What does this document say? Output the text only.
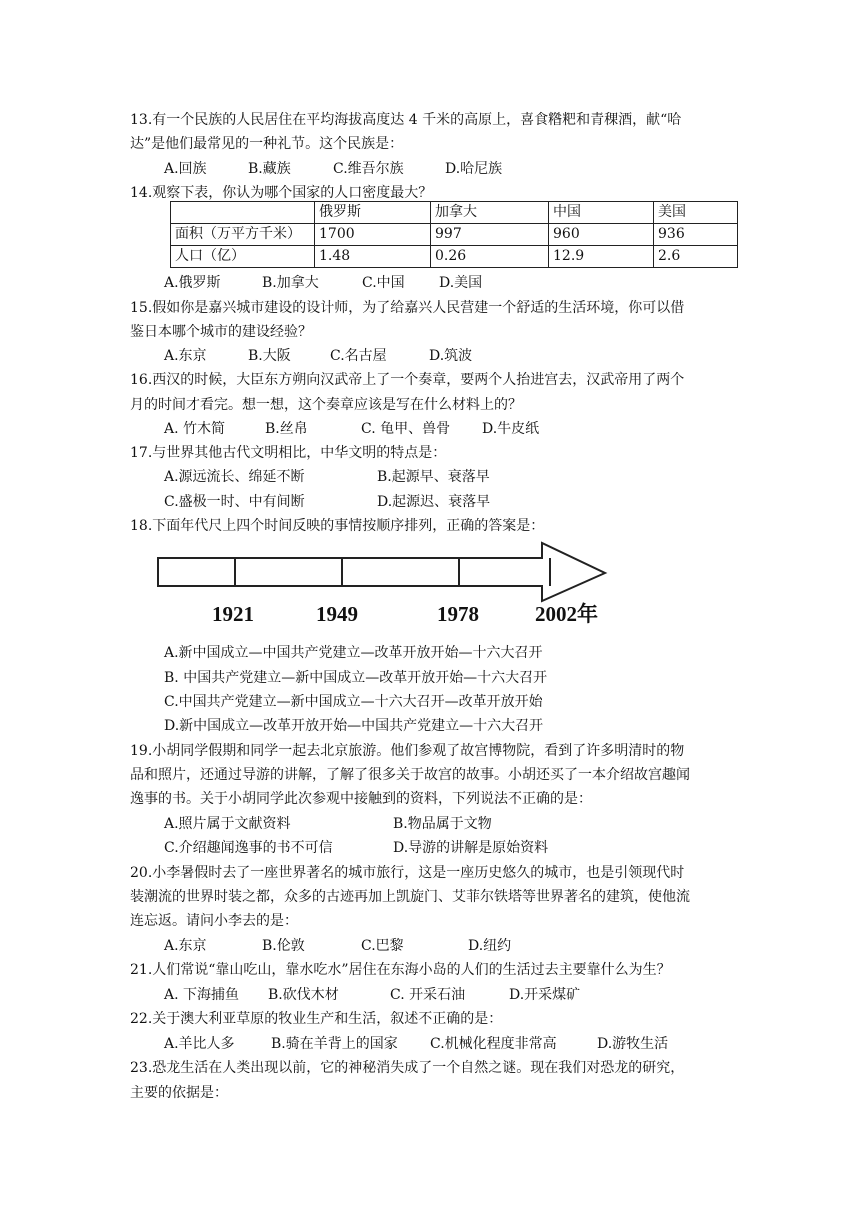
13.有一个民族的人民居住在平均海拔高度达 4 千米的高原上，喜食糌粑和青稞酒，献“哈
达”是他们最常见的一种礼节。这个民族是：
A.回族	B.藏族	C.维吾尔族	D.哈尼族
14.观察下表，你认为哪个国家的人口密度最大？
	俄罗斯	加拿大	中国	美国
面积（万平方千米）	1700	997	960	936
人口（亿）	1.48	0.26	12.9	2.6
A.俄罗斯	B.加拿大	C.中国 D.美国
15.假如你是嘉兴城市建设的设计师，为了给嘉兴人民营建一个舒适的生活环境，你可以借
鉴日本哪个城市的建设经验？
A.东京	B.大阪	C.名古屋	D.筑波
16.西汉的时候，大臣东方朔向汉武帝上了一个奏章，要两个人抬进宫去，汉武帝用了两个
月的时间才看完。想一想，这个奏章应该是写在什么材料上的？
A. 竹木简	B.丝帛	C. 龟甲、兽骨 D.牛皮纸
17.与世界其他古代文明相比，中华文明的特点是：
A.源远流长、绵延不断	B.起源早、衰落早
C.盛极一时、中有间断	D.起源迟、衰落早
18.下面年代尺上四个时间反映的事情按顺序排列，正确的答案是：
1921	1949	1978	2002年
A.新中国成立—中国共产党建立—改革开放开始—十六大召开
B. 中国共产党建立—新中国成立—改革开放开始—十六大召开
C.中国共产党建立—新中国成立—十六大召开—改革开放开始
D.新中国成立—改革开放开始—中国共产党建立—十六大召开
19.小胡同学假期和同学一起去北京旅游。他们参观了故宫博物院，看到了许多明清时的物
品和照片，还通过导游的讲解，了解了很多关于故宫的故事。小胡还买了一本介绍故宫趣闻
逸事的书。关于小胡同学此次参观中接触到的资料，下列说法不正确的是：
A.照片属于文献资料	B.物品属于文物
C.介绍趣闻逸事的书不可信	D.导游的讲解是原始资料
20.小李暑假时去了一座世界著名的城市旅行，这是一座历史悠久的城市，也是引领现代时
装潮流的世界时装之都，众多的古迹再加上凯旋门、艾菲尔铁塔等世界著名的建筑，使他流
连忘返。请问小李去的是：
A.东京	B.伦敦	C.巴黎	D.纽约
21.人们常说“靠山吃山，靠水吃水”居住在东海小岛的人们的生活过去主要靠什么为生？
A. 下海捕鱼 B.砍伐木材	C. 开采石油	D.开采煤矿
22.关于澳大利亚草原的牧业生产和生活，叙述不正确的是：
A.羊比人多	B.骑在羊背上的国家 C.机械化程度非常高	D.游牧生活
23.恐龙生活在人类出现以前，它的神秘消失成了一个自然之谜。现在我们对恐龙的研究，
主要的依据是：
